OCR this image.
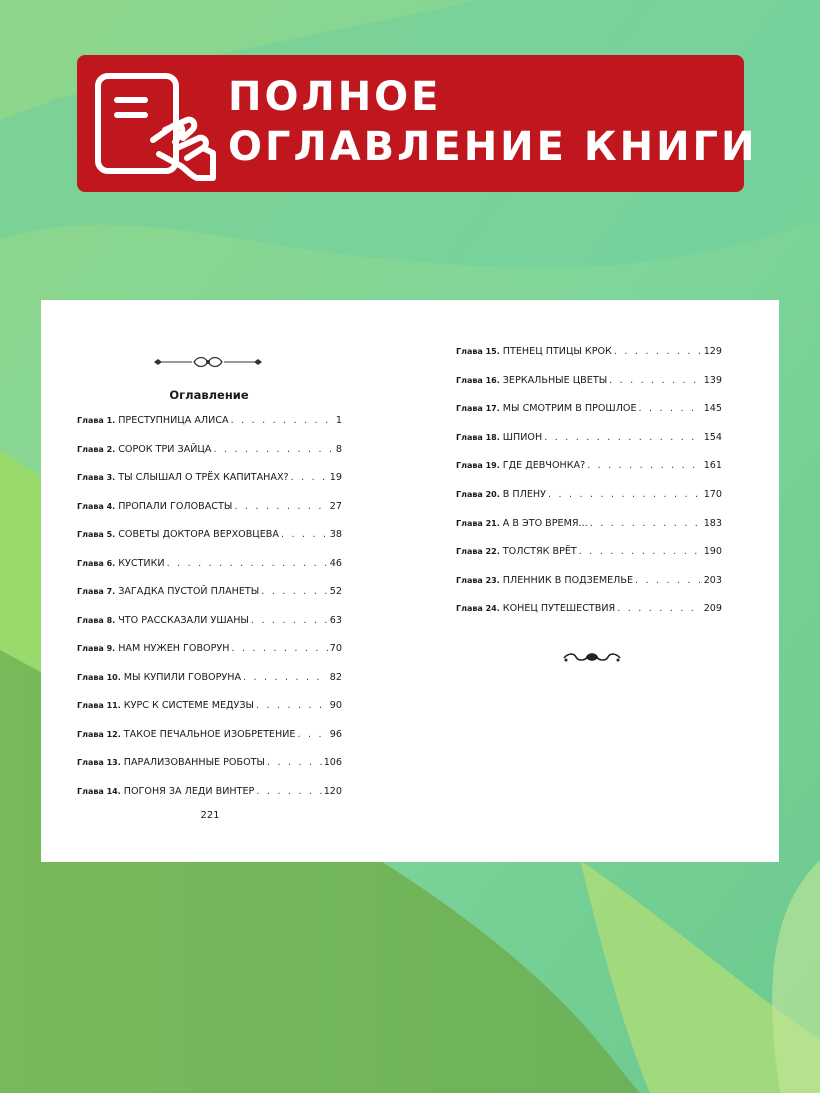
ПОЛНОЕ
ОГЛАВЛЕНИЕ КНИГИ
Оглавление
Глава 1. ПРЕСТУПНИЦА АЛИСА . . .	1
Глава 2. СОРОК ТРИ ЗАЙЦА . . .	8
Глава 3. ТЫ СЛЫШАЛ О ТРЁХ КАПИТАНАХ? . . .	19
Глава 4. ПРОПАЛИ ГОЛОВАСТЫ . . .	27
Глава 5. СОВЕТЫ ДОКТОРА ВЕРХОВЦЕВА . . .	38
Глава 6. КУСТИКИ . . .	46
Глава 7. ЗАГАДКА ПУСТОЙ ПЛАНЕТЫ . . .	52
Глава 8. ЧТО РАССКАЗАЛИ УШАНЫ . . .	63
Глава 9. НАМ НУЖЕН ГОВОРУН . . .	70
Глава 10. МЫ КУПИЛИ ГОВОРУНА . . .	82
Глава 11. КУРС К СИСТЕМЕ МЕДУЗЫ . . .	90
Глава 12. ТАКОЕ ПЕЧАЛЬНОЕ ИЗОБРЕТЕНИЕ . . .	96
Глава 13. ПАРАЛИЗОВАННЫЕ РОБОТЫ . . .	106
Глава 14. ПОГОНЯ ЗА ЛЕДИ ВИНТЕР . . .	120
Глава 15. ПТЕНЕЦ ПТИЦЫ КРОК . . .	129
Глава 16. ЗЕРКАЛЬНЫЕ ЦВЕТЫ . . .	139
Глава 17. МЫ СМОТРИМ В ПРОШЛОЕ . . .	145
Глава 18. ШПИОН . . .	154
Глава 19. ГДЕ ДЕВЧОНКА? . . .	161
Глава 20. В ПЛЕНУ . . .	170
Глава 21. А В ЭТО ВРЕМЯ... . . .	183
Глава 22. ТОЛСТЯК ВРЁТ . . .	190
Глава 23. ПЛЕННИК В ПОДЗЕМЕЛЬЕ . . .	203
Глава 24. КОНЕЦ ПУТЕШЕСТВИЯ . . .	209
221
